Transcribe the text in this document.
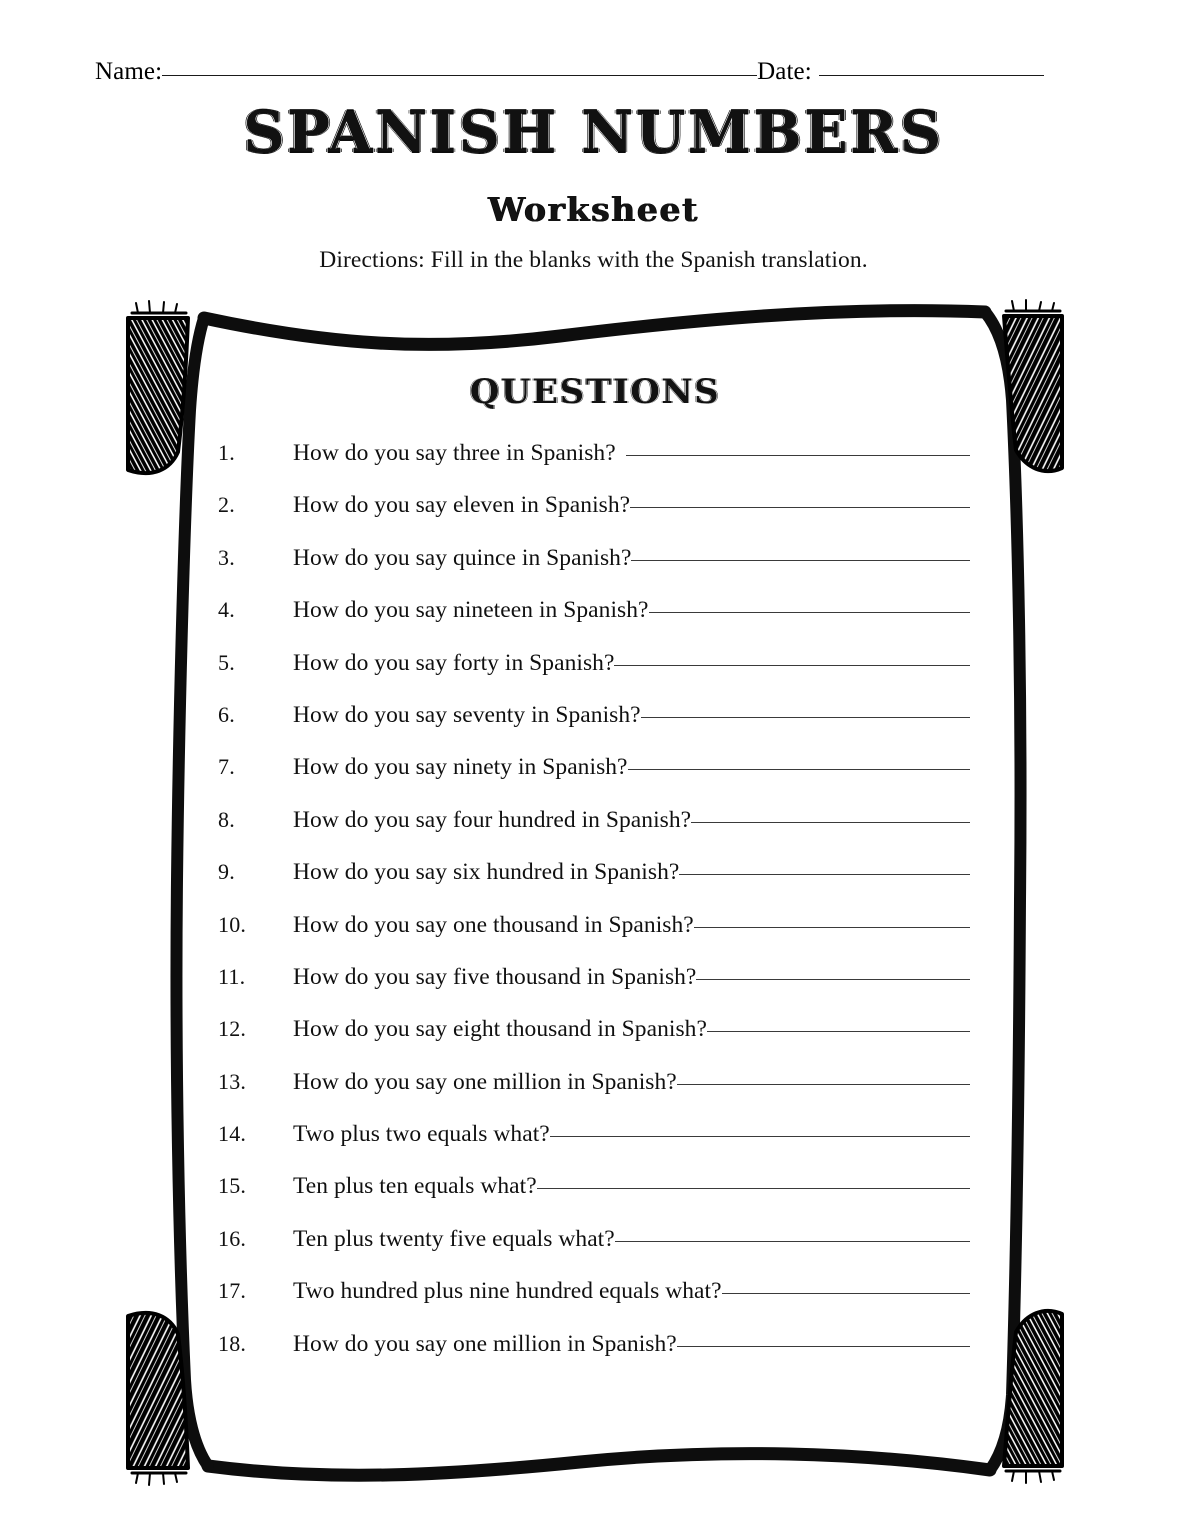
Name:	Date:
SPANISH NUMBERS
Worksheet
Directions: Fill in the blanks with the Spanish translation.
QUESTIONS
1.	How do you say three in Spanish?
2.	How do you say eleven in Spanish?
3.	How do you say quince in Spanish?
4.	How do you say nineteen in Spanish?
5.	How do you say forty in Spanish?
6.	How do you say seventy in Spanish?
7.	How do you say ninety in Spanish?
8.	How do you say four hundred in Spanish?
9.	How do you say six hundred in Spanish?
10.	How do you say one thousand in Spanish?
11.	How do you say five thousand in Spanish?
12.	How do you say eight thousand in Spanish?
13.	How do you say one million in Spanish?
14.	Two plus two equals what?
15.	Ten plus ten equals what?
16.	Ten plus twenty five equals what?
17.	Two hundred plus nine hundred equals what?
18.	How do you say one million in Spanish?
